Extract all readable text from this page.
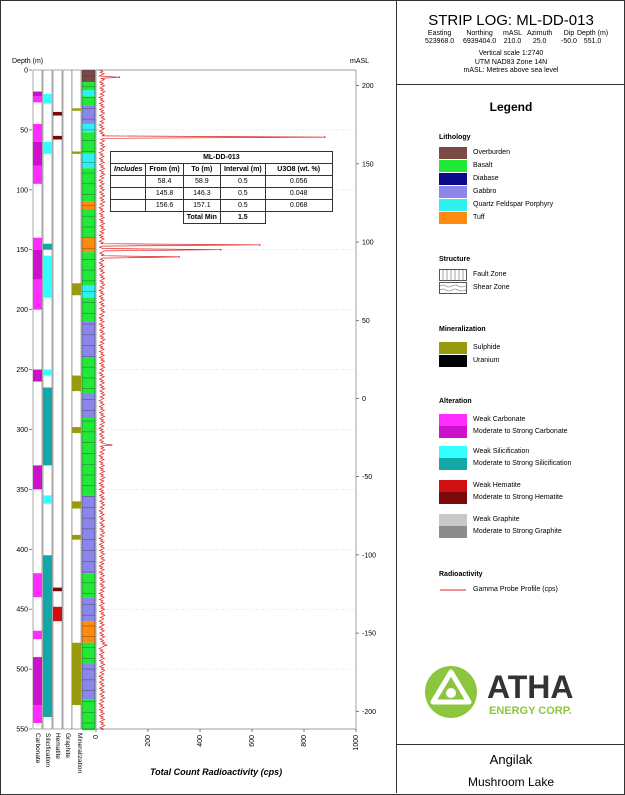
Depth (m)	mASL
0
50
100
150
200
250
300
350
400
450
500
550
200
150
100
50
0
-50
-100
-150
-200
0	200	400	600	800	1000
Carbonate Silicification Hematite Graphite Mineralization	Total Count Radioactivity (cps)
ML-DD-013				
Includes	From (m)	To (m)	Interval (m)	U3O8 (wt. %)
	58.4	58.9	0.5	0.056
	145.8	146.3	0.5	0.048
	156.6	157.1	0.5	0.068
		Total Min	1.5	
STRIP LOG: ML-DD-013
Easting
523968.0
Northing
6939404.0
mASL
210.0
Azimuth
25.0
Dip
-50.0
Depth (m)
551.0
Vertical scale 1:2740
UTM NAD83 Zone 14N
mASL: Metres above sea level
Legend
Lithology
Overburden
Basalt
Diabase
Gabbro
Quartz Feldspar Porphyry
Tuff
Structure
Fault Zone
Shear Zone
Mineralization
Sulphide
Uranium
Alteration
Weak Carbonate
Moderate to Strong Carbonate
Weak Silicification
Moderate to Strong Silicification
Weak Hematite
Moderate to Strong Hematite
Weak Graphite
Moderate to Strong Graphite
Radioactivity
Gamma Probe Profile (cps)
ATHA
ENERGY CORP.
Angilak
Mushroom Lake
